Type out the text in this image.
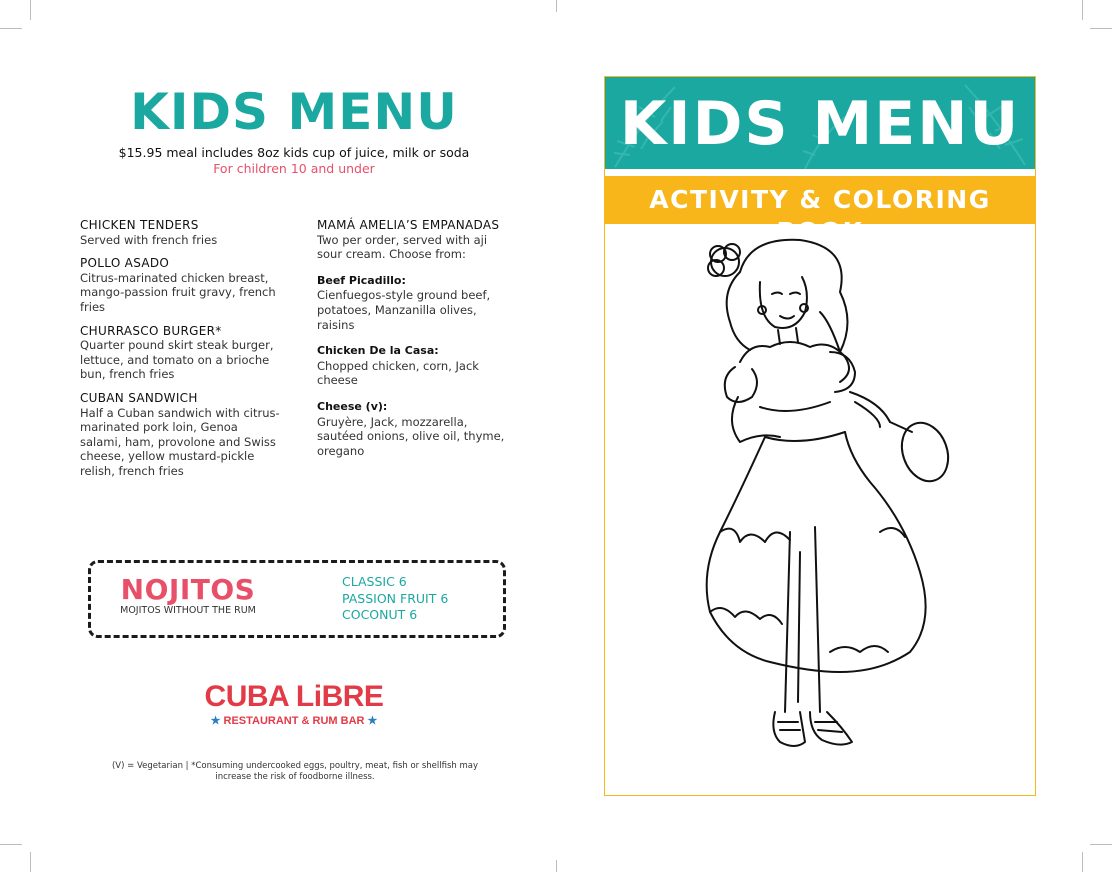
KIDS MENU
$15.95 meal includes 8oz kids cup of juice, milk or soda
For children 10 and under
CHICKEN TENDERS
Served with french fries
POLLO ASADO
Citrus-marinated chicken breast, mango-passion fruit gravy, french fries
CHURRASCO BURGER*
Quarter pound skirt steak burger, lettuce, and tomato on a brioche bun, french fries
CUBAN SANDWICH
Half a Cuban sandwich with citrus-marinated pork loin, Genoa salami, ham, provolone and Swiss cheese, yellow mustard-pickle relish, french fries
MAMÁ AMELIA’S EMPANADAS
Two per order, served with aji sour cream. Choose from:
Beef Picadillo:
Cienfuegos-style ground beef, potatoes, Manzanilla olives, raisins
Chicken De la Casa:
Chopped chicken, corn, Jack cheese
Cheese (v):
Gruyère, Jack, mozzarella, sautéed onions, olive oil, thyme, oregano
NOJITOS
MOJITOS WITHOUT THE RUM
CLASSIC 6
PASSION FRUIT 6
COCONUT 6
CUBA LiBRE
★ RESTAURANT & RUM BAR ★
(V) = Vegetarian | *Consuming undercooked eggs, poultry, meat, fish or shellfish may increase the risk of foodborne illness.
KIDS MENU
ACTIVITY & COLORING BOOK
